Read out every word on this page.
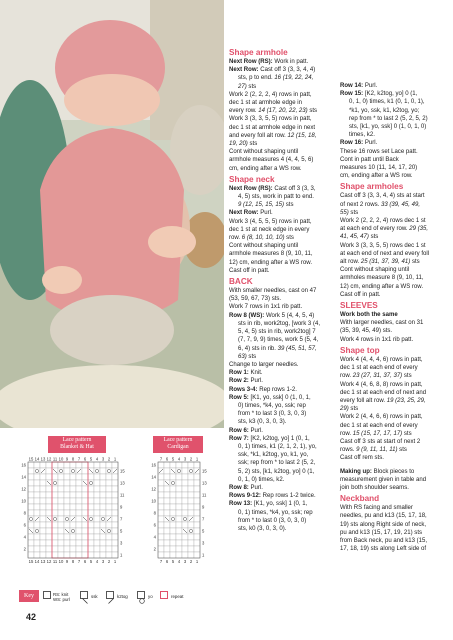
Shape armhole
Next Row (RS): Work in patt.
Next Row: Cast off 3 (3, 3, 4, 4)
sts, p to end. 16 (19, 22, 24,
27) sts
Work 2 (2, 2, 2, 4) rows in patt,
dec 1 st at armhole edge in
every row. 14 (17, 20, 22, 23) sts
Work 3 (3, 3, 5, 5) rows in patt,
dec 1 st at armhole edge in next
and every foll alt row. 12 (15, 18,
19, 20) sts
Cont without shaping until
armhole measures 4 (4, 4, 5, 6)
cm, ending after a WS row.
Shape neck
Next Row (RS): Cast off 3 (3, 3,
4, 5) sts, work in patt to end.
9 (12, 15, 15, 15) sts
Next Row: Purl.
Work 3 (4, 5, 5, 5) rows in patt,
dec 1 st at neck edge in every
row. 6 (8, 10, 10, 10) sts
Cont without shaping until
armhole measures 8 (9, 10, 11,
12) cm, ending after a WS row.
Cast off in patt.
BACK
With smaller needles, cast on 47
(53, 59, 67, 73) sts.
Work 7 rows in 1x1 rib patt.
Row 8 (WS): Work 5 (4, 4, 5, 4)
sts in rib, work2tog, [work 3 (4,
5, 4, 5) sts in rib, work2tog] 7
(7, 7, 9, 9) times, work 5 (5, 4,
6, 4) sts in rib. 39 (45, 51, 57,
63) sts
Change to larger needles.
Row 1: Knit.
Row 2: Purl.
Rows 3-4: Rep rows 1-2.
Row 5: [K1, yo, ssk] 0 (1, 0, 1,
0) times, *k4, yo, ssk; rep
from * to last 3 (0, 3, 0, 3)
sts, k3 (0, 3, 0, 3).
Row 6: Purl.
Row 7: [K2, k2tog, yo] 1 (0, 1,
0, 1) times, k1 (2, 1, 2, 1), yo,
ssk, *k1, k2tog, yo, k1, yo,
ssk; rep from * to last 2 (5, 2,
5, 2) sts, [k1, k2tog, yo] 0 (1,
0, 1, 0) times, k2.
Row 8: Purl.
Rows 9-12: Rep rows 1-2 twice.
Row 13: [K1, yo, ssk] 1 (0, 1,
0, 1) times, *k4, yo, ssk; rep
from * to last 0 (3, 0, 3, 0)
sts, k0 (3, 0, 3, 0).
Row 14: Purl.
Row 15: [K2, k2tog, yo] 0 (1,
0, 1, 0) times, k1 (0, 1, 0, 1),
*k1, yo, ssk, k1, k2tog, yo;
rep from * to last 2 (5, 2, 5, 2)
sts, [k1, yo, ssk] 0 (1, 0, 1, 0)
times, k2.
Row 16: Purl.
These 16 rows set Lace patt.
Cont in patt until Back
measures 10 (11, 14, 17, 20)
cm, ending after a WS row.
Shape armholes
Cast off 3 (3, 3, 4, 4) sts at start
of next 2 rows. 33 (39, 45, 49,
55) sts
Work 2 (2, 2, 2, 4) rows dec 1 st
at each end of every row. 29 (35,
41, 45, 47) sts
Work 3 (3, 3, 5, 5) rows dec 1 st
at each end of next and every foll
alt row. 25 (31, 37, 39, 41) sts
Cont without shaping until
armholes measure 8 (9, 10, 11,
12) cm, ending after a WS row.
Cast off in patt.
SLEEVES
Work both the same
With larger needles, cast on 31
(35, 39, 45, 49) sts.
Work 4 rows in 1x1 rib patt.
Shape top
Work 4 (4, 4, 4, 6) rows in patt,
dec 1 st at each end of every
row. 23 (27, 31, 37, 37) sts
Work 4 (4, 6, 8, 8) rows in patt,
dec 1 st at each end of next and
every foll alt row. 19 (23, 25, 29,
29) sts
Work 2 (4, 4, 6, 6) rows in patt,
dec 1 st at each end of every
row. 15 (15, 17, 17, 17) sts
Cast off 3 sts at start of next 2
rows. 9 (9, 11, 11, 11) sts
Cast off rem sts.
Making up: Block pieces to
measurement given in table and
join both shoulder seams.
Neckband
With RS facing and smaller
needles, pu and k13 (15, 17, 18,
19) sts along Right side of neck,
pu and k13 (15, 17, 19, 21) sts
from Back neck, pu and k13 (15,
17, 18, 19) sts along Left side of
Lace pattern
Blanket & Hat
Lace pattern
Cardigan
15
15
14
14
13
13
12
12
11
11
10
10
9
9
8
8
7
7
6
6
5
5
4
4
3
3
2
2
1
1
16
14
12
10
8
6
4
2
15
13
11
9
7
5
3
1
7
7
6
6
5
5
4
4
3
3
2
2
1
1
16
14
12
10
8
6
4
2
15
13
11
9
7
5
3
1
Key	RS: knit
WS: purl
ssk	k2tog	yo	repeat
42
